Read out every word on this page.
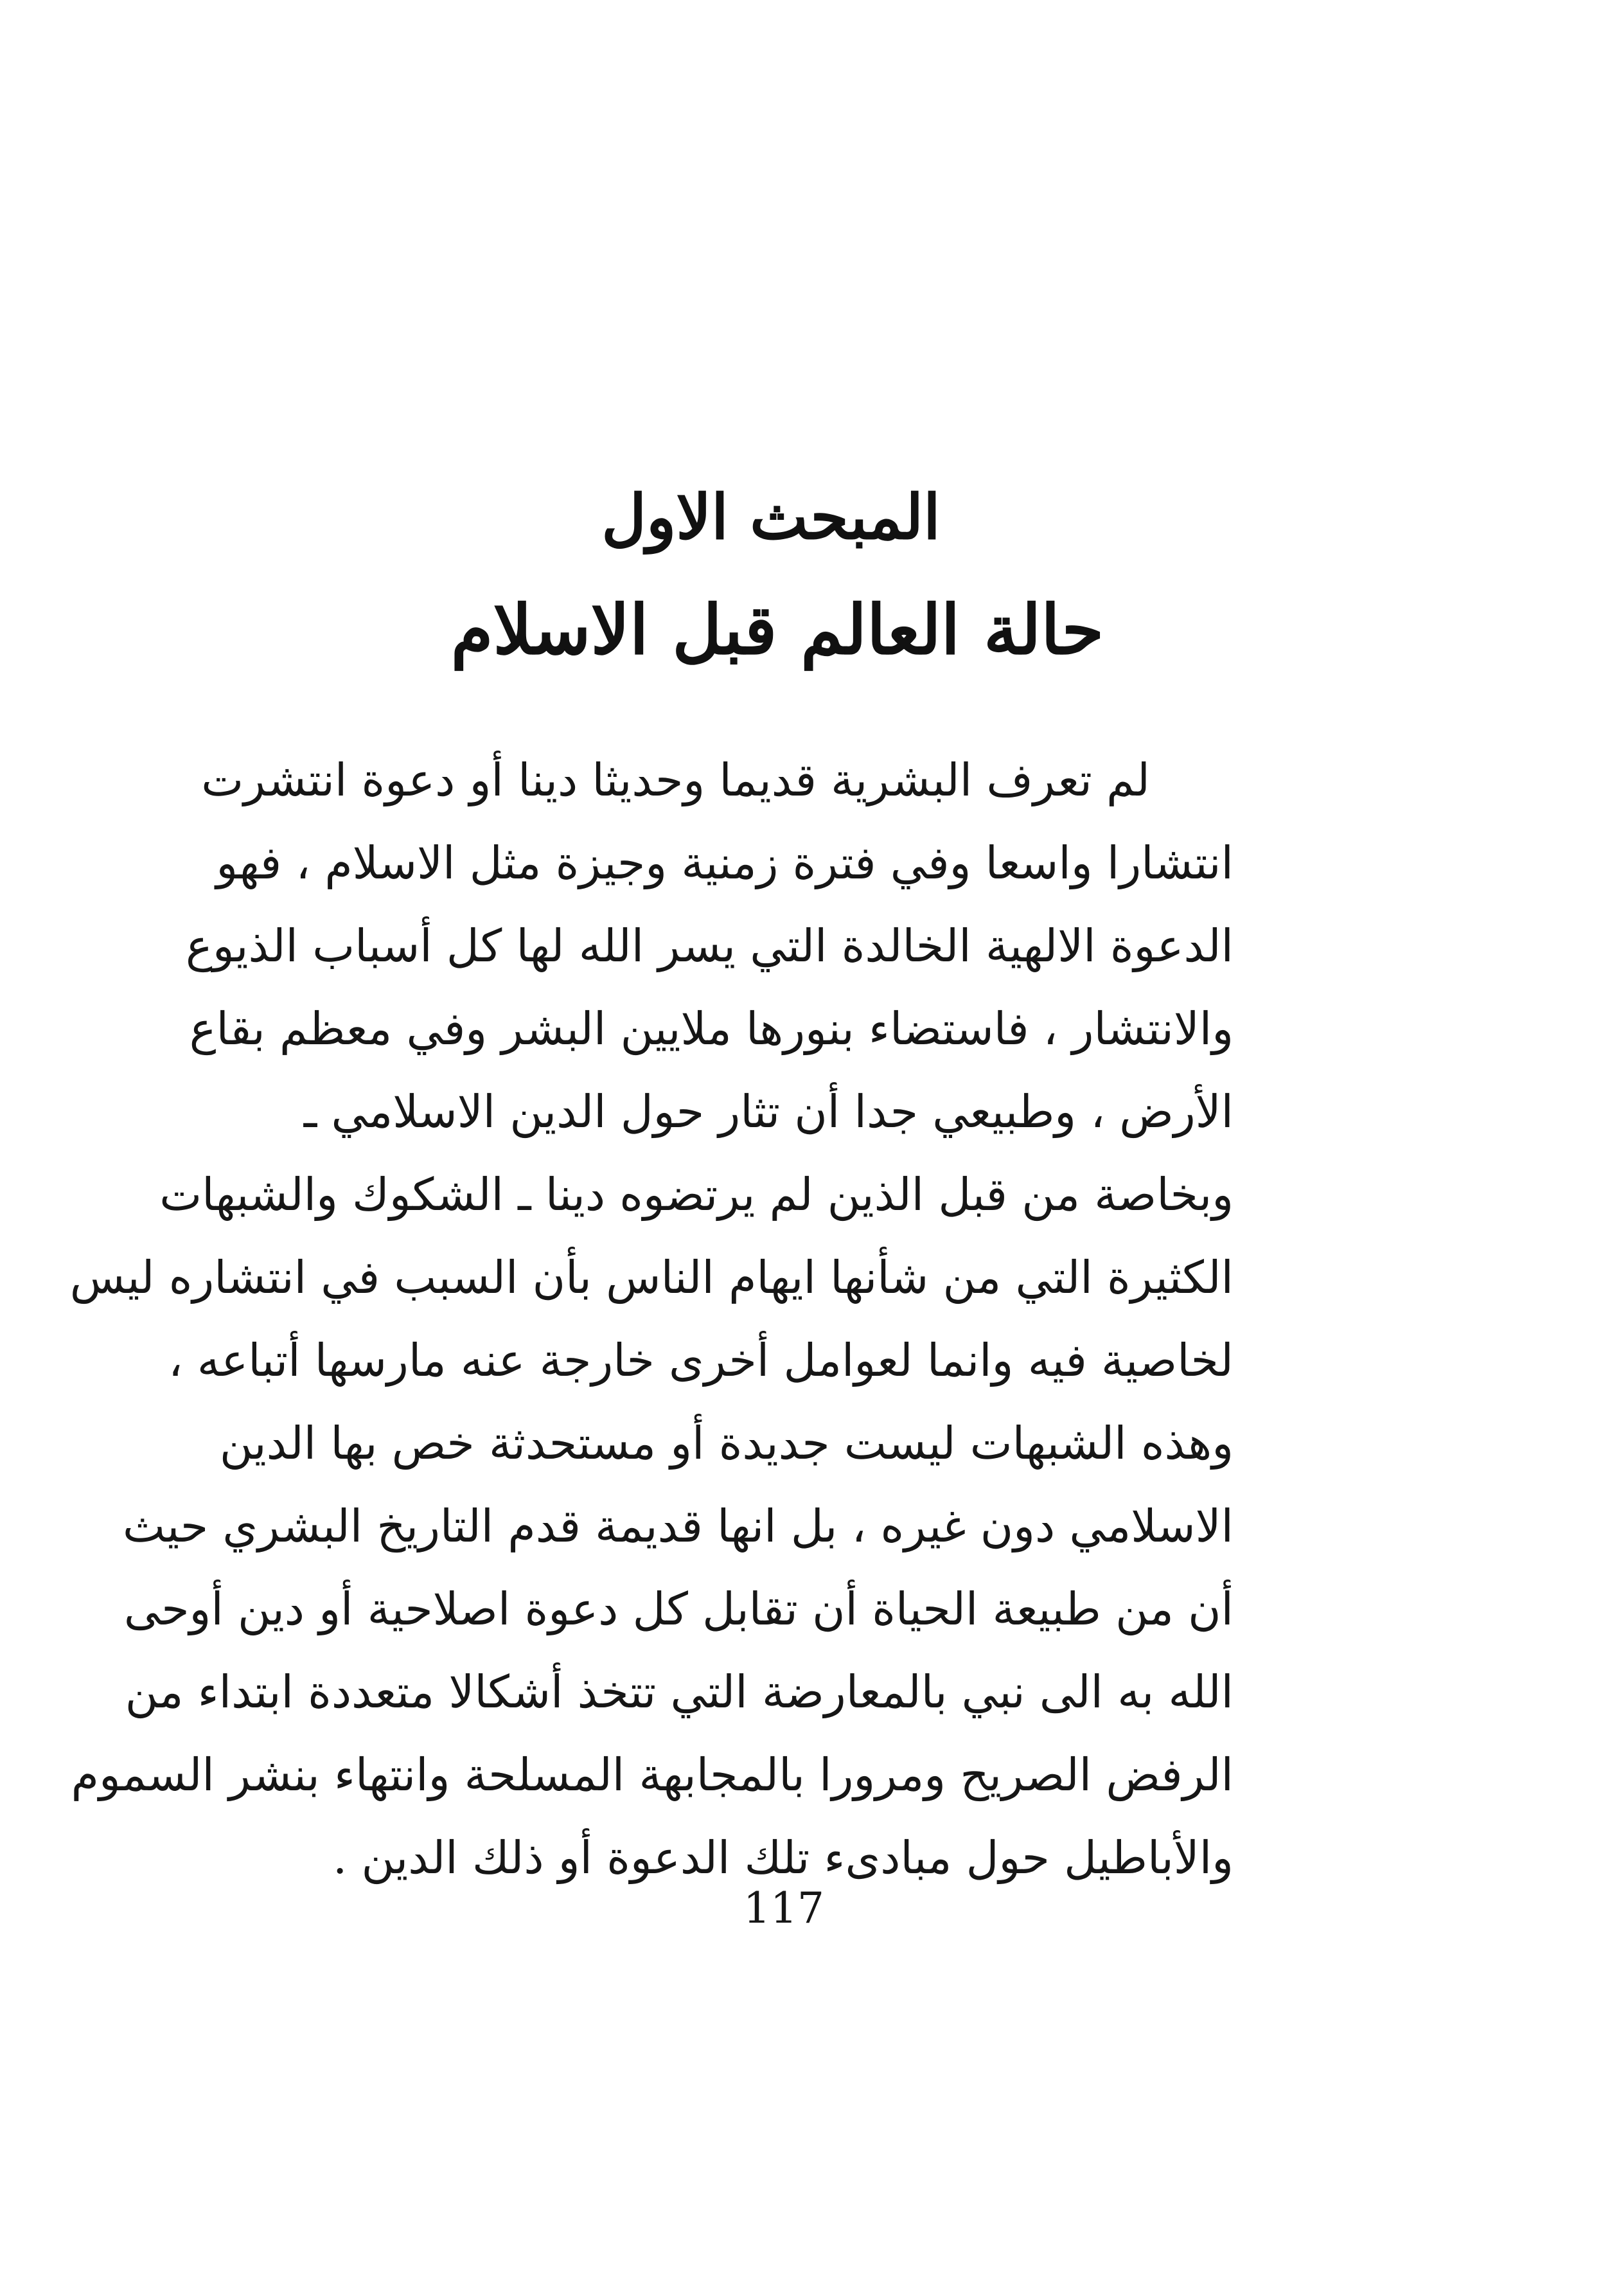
المبحث الاول
حالة العالم قبل الاسلام
لم تعرف البشرية قديما وحديثا دينا أو دعوة انتشرت
انتشارا واسعا وفي فترة زمنية وجيزة مثل الاسلام ، فهو
الدعوة الالهية الخالدة التي يسر الله لها كل أسباب الذيوع
والانتشار ، فاستضاء بنورها ملايين البشر وفي معظم بقاع
الأرض ، وطبيعي جدا أن تثار حول الدين الاسلامي ـ
وبخاصة من قبل الذين لم يرتضوه دينا ـ الشكوك والشبهات
الكثيرة التي من شأنها ايهام الناس بأن السبب في انتشاره ليس
لخاصية فيه وانما لعوامل أخرى خارجة عنه مارسها أتباعه ،
وهذه الشبهات ليست جديدة أو مستحدثة خص بها الدين
الاسلامي دون غيره ، بل انها قديمة قدم التاريخ البشري حيث
أن من طبيعة الحياة أن تقابل كل دعوة اصلاحية أو دين أوحى
الله به الى نبي بالمعارضة التي تتخذ أشكالا متعددة ابتداء من
الرفض الصريح ومرورا بالمجابهة المسلحة وانتهاء بنشر السموم
والأباطيل حول مبادىء تلك الدعوة أو ذلك الدين .
117
